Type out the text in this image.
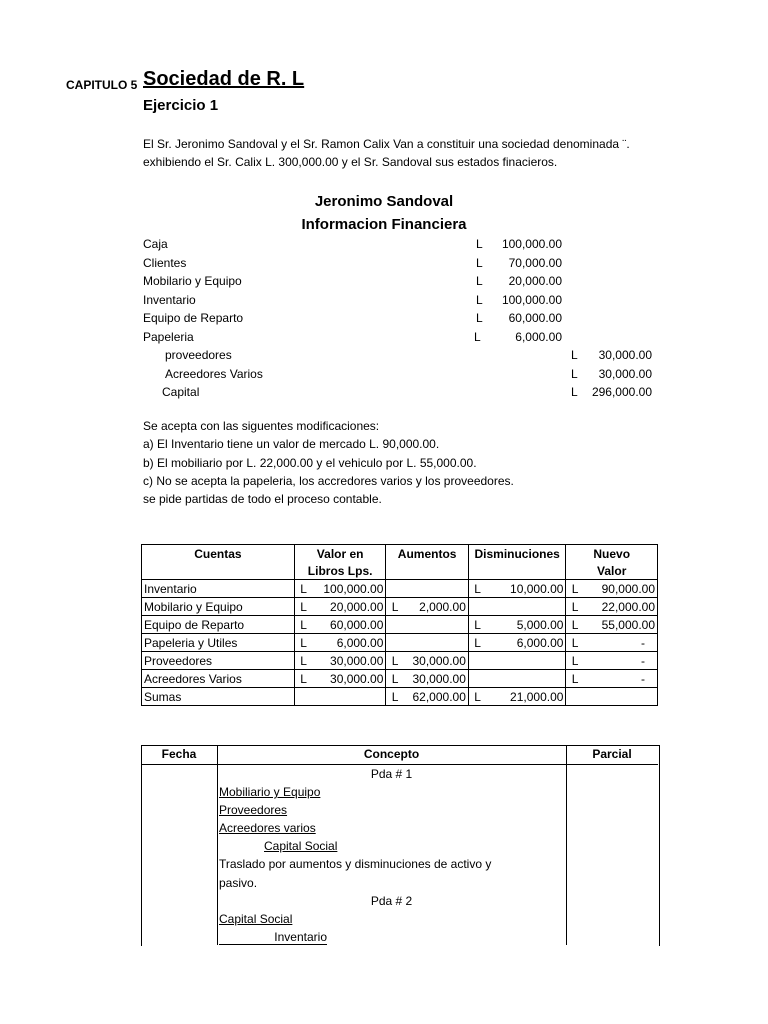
CAPITULO 5 Sociedad de R. L
Ejercicio 1
El Sr. Jeronimo Sandoval y el Sr. Ramon Calix Van a constituir una sociedad denominada ¨.
exhibiendo el Sr. Calix L. 300,000.00 y el Sr. Sandoval sus estados finacieros.
Jeronimo Sandoval
Informacion Financiera
Caja	L	100,000.00
Clientes	L	70,000.00
Mobilario y Equipo	L	20,000.00
Inventario	L	100,000.00
Equipo de Reparto	L	60,000.00
Papeleria	L	6,000.00
proveedores	L	30,000.00
Acreedores Varios	L	30,000.00
Capital	L	296,000.00
Se acepta con las siguentes modificaciones:
a) El Inventario tiene un valor de mercado L. 90,000.00.
b) El mobiliario por L. 22,000.00 y el vehiculo por L. 55,000.00.
c) No se acepta la papeleria, los accredores varios y los proveedores.
se pide partidas de todo el proceso contable.
Cuentas	Valor en	Aumentos	Disminuciones	Nuevo
	Libros Lps.			Valor
Inventario	L 100,000.00		L 10,000.00	L 90,000.00

Mobilario y Equipo	L 20,000.00	L 2,000.00		L 22,000.00

Equipo de Reparto	L 60,000.00		L 5,000.00	L 55,000.00

Papeleria y Utiles	L 6,000.00		L 6,000.00	L -

Proveedores	L 30,000.00	L 30,000.00		L -

Acreedores Varios	L 30,000.00	L 30,000.00		L -

Sumas		L 62,000.00	L 21,000.00	

Fecha	Concepto	Parcial
Pda # 1
Mobiliario y Equipo
Proveedores
Acreedores varios
Capital Social
Traslado por aumentos y disminuciones de activo y
pasivo.
Pda # 2
Capital Social
Inventario
